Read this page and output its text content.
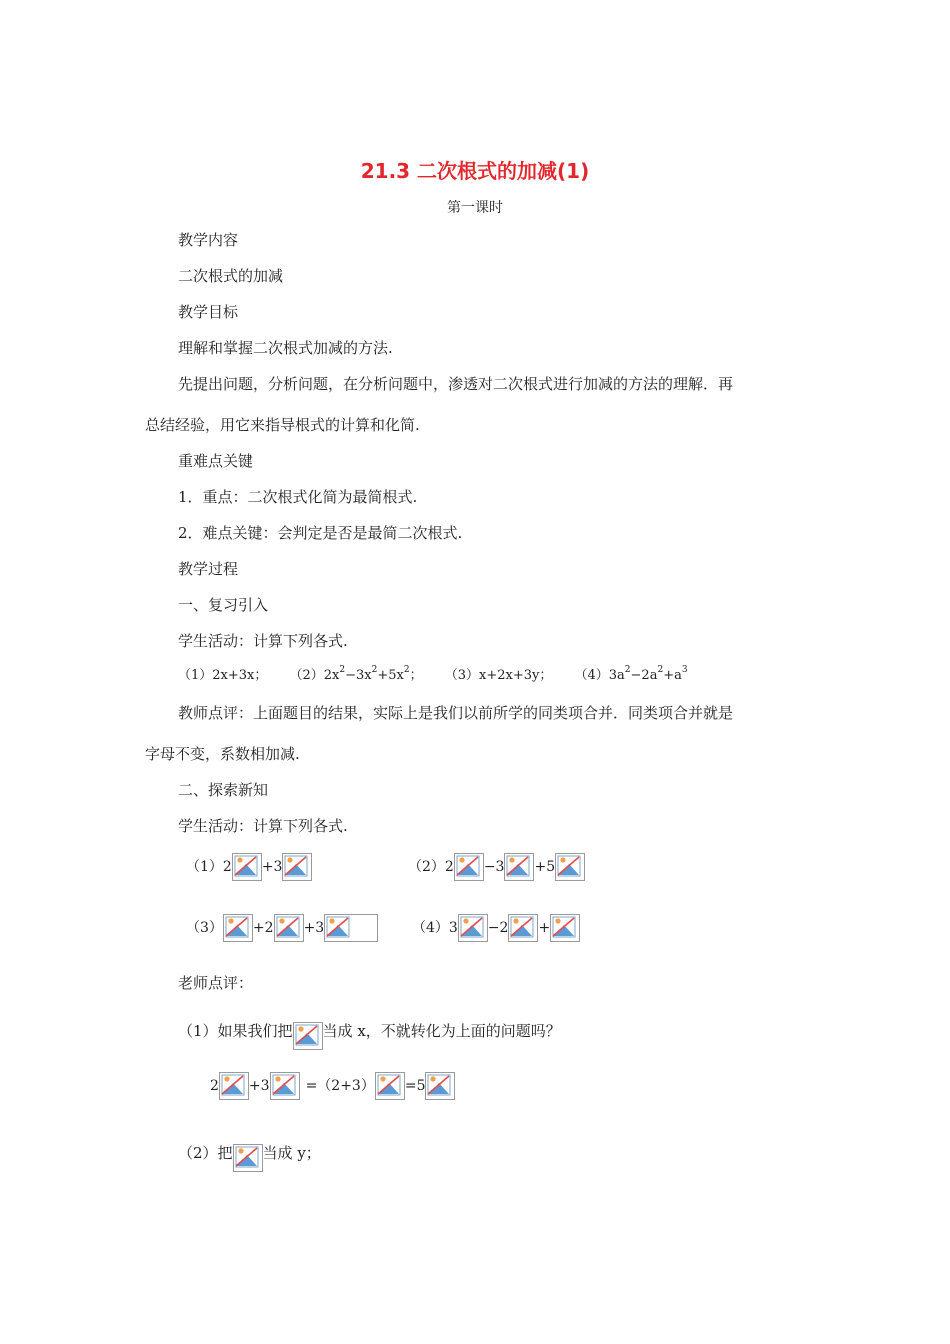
21.3 二次根式的加减(1)
第一课时
教学内容
二次根式的加减
教学目标
理解和掌握二次根式加减的方法.
先提出问题，分析问题，在分析问题中，渗透对二次根式进行加减的方法的理解．再
总结经验，用它来指导根式的计算和化简.
重难点关键
1．重点：二次根式化简为最简根式.
2．难点关键：会判定是否是最简二次根式.
教学过程
一、复习引入
学生活动：计算下列各式.
（1）2x+3x； （2）2x2−3x2+5x2； （3）x+2x+3y； （4）3a2−2a2+a3
教师点评：上面题目的结果，实际上是我们以前所学的同类项合并．同类项合并就是
字母不变，系数相加减.
二、探索新知
学生活动：计算下列各式.
（1）2 +3	（2）2 −3 +5
（3） +2 +3	（4）3 −2 +
老师点评：
（1）如果我们把 当成 x，不就转化为上面的问题吗？
2 +3	=（2+3） =5
（2）把 当成 y；
